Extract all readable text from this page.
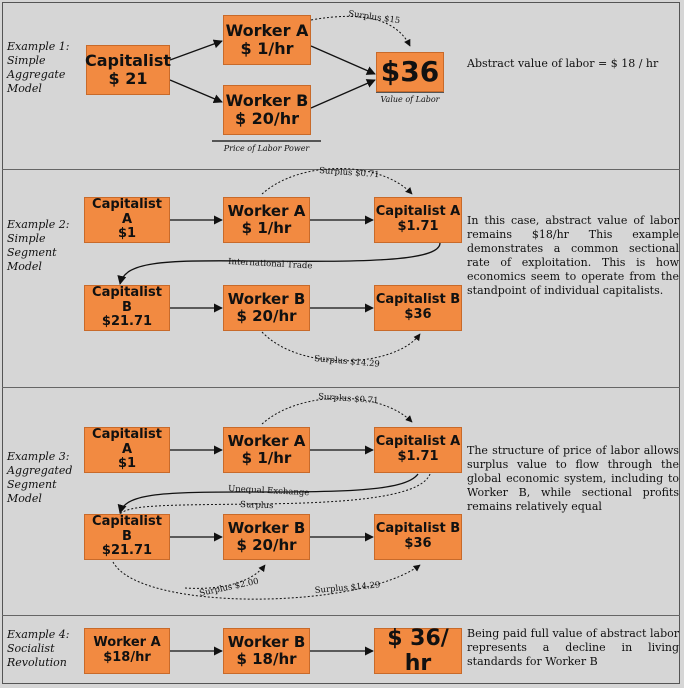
Surplus $15
Surplus $0.71
International Trade
Surplus $14.29
Surplus $0.71
Unequal Exchange
Surplus
Surplus $2.00	Surplus $14.29
Example 1: Simple Aggregate Model
Example 2: Simple Segment Model
Example 3: Aggregated Segment Model
Example 4: Socialist Revolution
Capitalist
$ 21
Worker A
$ 1/hr
Worker B
$ 20/hr
$36
Value of Labor
Price of Labor Power
Abstract value of labor = $ 18 / hr
Capitalist A
$1
Worker A
$ 1/hr
Capitalist A
$1.71
Capitalist B
$21.71
Worker B
$ 20/hr
Capitalist B
$36
In this case, abstract value of labor remains $18/hr This example demonstrates a common sectional rate of exploitation. This is how economics seem to operate from the standpoint of individual capitalists.
Capitalist A
$1
Worker A
$ 1/hr
Capitalist A
$1.71
Capitalist B
$21.71
Worker B
$ 20/hr
Capitalist B
$36
The structure of price of labor allows surplus value to flow through the global economic system, including to Worker B, while sectional profits remains relatively equal
Worker A
$18/hr
Worker B
$ 18/hr
$ 36/ hr
Being paid full value of abstract labor represents a decline in living standards for Worker B
